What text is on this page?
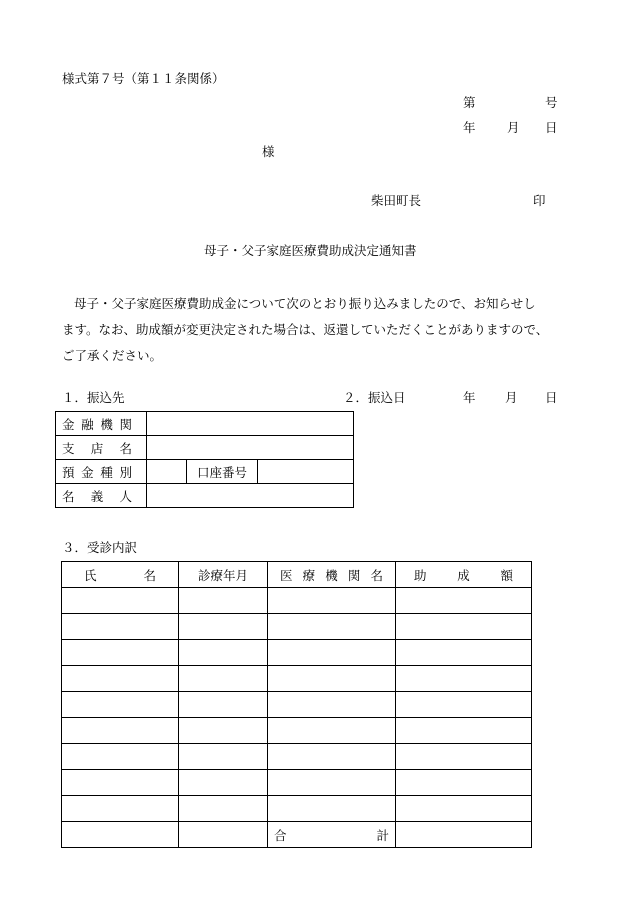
様式第７号（第１１条関係）
第	号
年	月 日
様
柴田町長	印
母子・父子家庭医療費助成決定通知書
母子・父子家庭医療費助成金について次のとおり振り込みましたので、お知らせし
ます。なお、助成額が変更決定された場合は、返還していただくことがありますので、
ご了承ください。
１．振込先	２．振込日	年 月 日
金 融 機 関			

支 店 名			

預 金 種 別		口座番号	

名 義 人			

３．受診内訳
氏 名	診療年月	医 療 機 関 名	助 成 額

		合 計	
